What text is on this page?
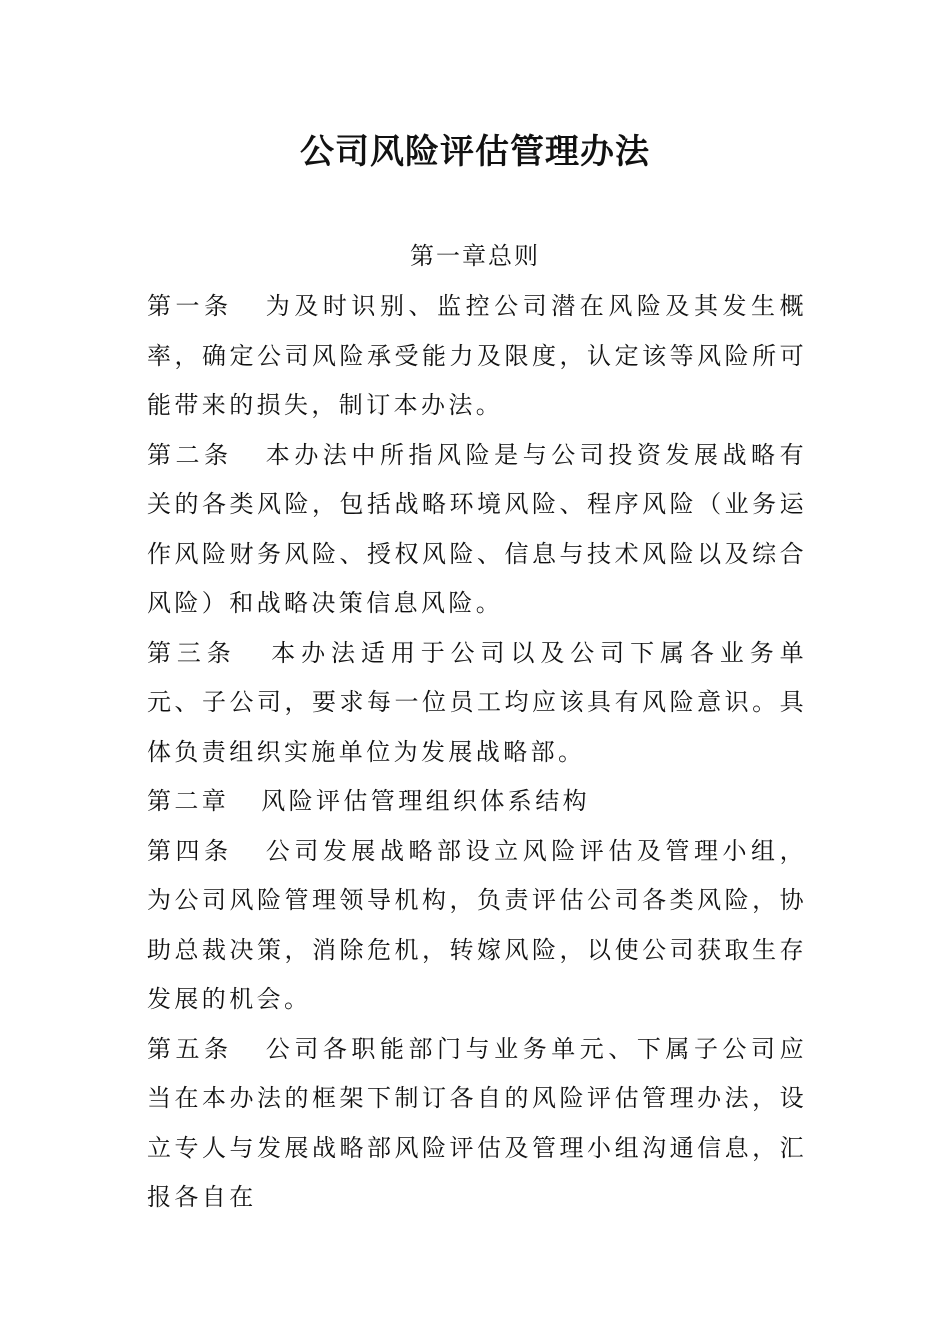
公司风险评估管理办法

第一章总则

第一条 为及时识别、监控公司潜在风险及其发生概率，确定公司风险承受能力及限度，认定该等风险所可能带来的损失，制订本办法。

第二条 本办法中所指风险是与公司投资发展战略有关的各类风险，包括战略环境风险、程序风险（业务运作风险财务风险、授权风险、信息与技术风险以及综合风险）和战略决策信息风险。

第三条 本办法适用于公司以及公司下属各业务单元、子公司，要求每一位员工均应该具有风险意识。具体负责组织实施单位为发展战略部。

第二章 风险评估管理组织体系结构

第四条 公司发展战略部设立风险评估及管理小组，为公司风险管理领导机构，负责评估公司各类风险，协助总裁决策，消除危机，转嫁风险，以使公司获取生存发展的机会。

第五条 公司各职能部门与业务单元、下属子公司应当在本办法的框架下制订各自的风险评估管理办法，设立专人与发展战略部风险评估及管理小组沟通信息，汇报各自在
